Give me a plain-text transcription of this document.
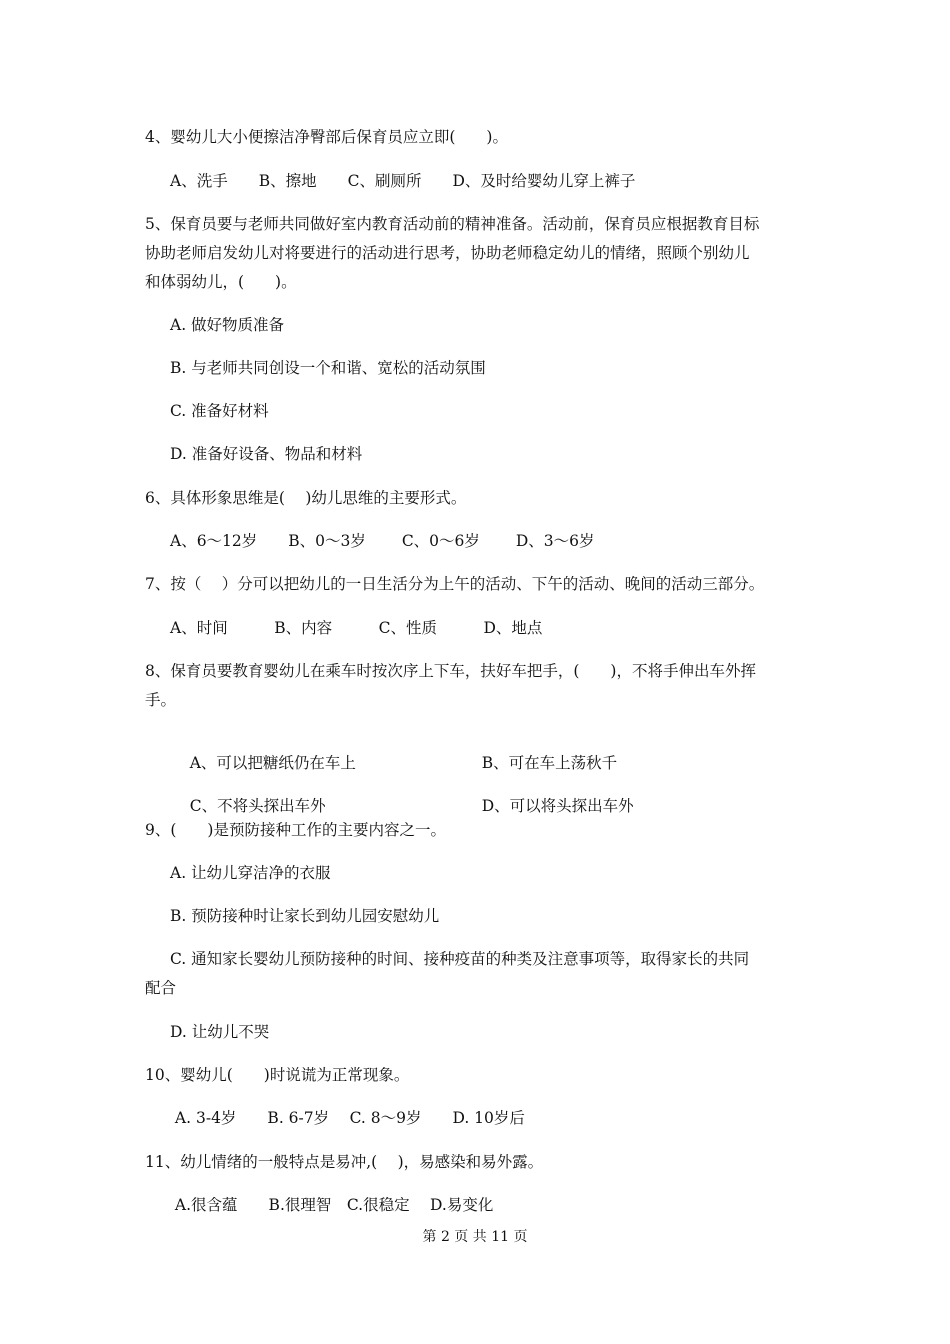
4、婴幼儿大小便擦洁净臀部后保育员应立即(　　)。

A、洗手　　B、擦地　　C、刷厕所　　D、及时给婴幼儿穿上裤子

5、保育员要与老师共同做好室内教育活动前的精神准备。活动前，保育员应根据教育目标

协助老师启发幼儿对将要进行的活动进行思考，协助老师稳定幼儿的情绪，照顾个别幼儿

和体弱幼儿，(　　)。

A. 做好物质准备

B. 与老师共同创设一个和谐、宽松的活动氛围

C. 准备好材料

D. 准备好设备、物品和材料

6、具体形象思维是(　 )幼儿思维的主要形式。

A、6～12岁　　B、0～3岁　　 C、0～6岁　　 D、3～6岁

7、按（　 ）分可以把幼儿的一日生活分为上午的活动、下午的活动、晚间的活动三部分。

A、时间　　　B、内容　　　C、性质　　　D、地点

8、保育员要教育婴幼儿在乘车时按次序上下车，扶好车把手，(　　)，不将手伸出车外挥

手。

A、可以把糖纸仍在车上	B、可在车上荡秋千

C、不将头探出车外	D、可以将头探出车外

9、(　　)是预防接种工作的主要内容之一。

A. 让幼儿穿洁净的衣服

B. 预防接种时让家长到幼儿园安慰幼儿

C. 通知家长婴幼儿预防接种的时间、接种疫苗的种类及注意事项等，取得家长的共同

配合

D. 让幼儿不哭

10、婴幼儿(　　)时说谎为正常现象。

A. 3-4岁　　B. 6-7岁　 C. 8～9岁　　D. 10岁后

11、幼儿情绪的一般特点是易冲,(　 )，易感染和易外露。

A.很含蕴　　B.很理智　C.很稳定　 D.易变化

第 2 页 共 11 页
